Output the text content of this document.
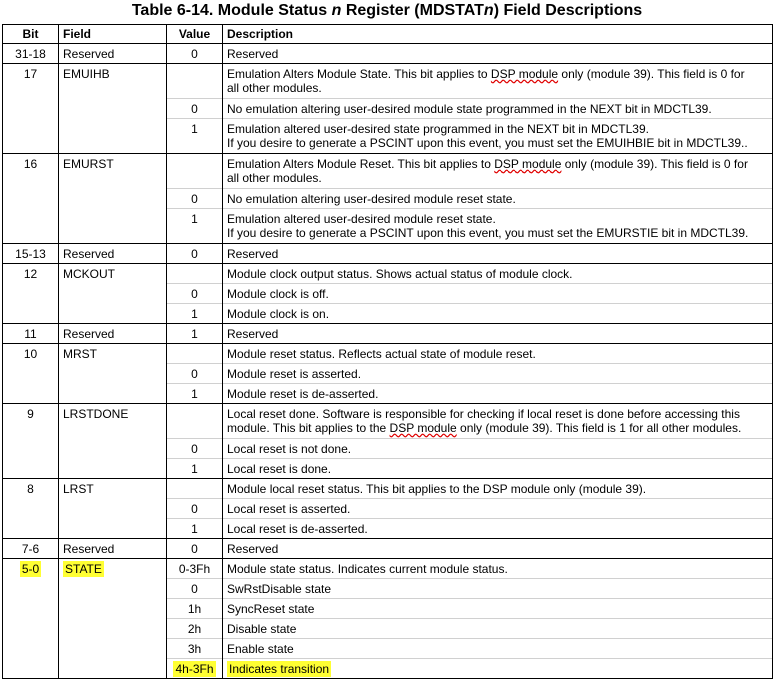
Table 6-14. Module Status n Register (MDSTATn) Field Descriptions
Bit	Field	Value	Description
31-18	Reserved	0	Reserved
17	EMUIHB		Emulation Alters Module State. This bit applies to DSP module only (module 39). This field is 0 for
all other modules.
		0	No emulation altering user-desired module state programmed in the NEXT bit in MDCTL39.
		1	Emulation altered user-desired state programmed in the NEXT bit in MDCTL39.
If you desire to generate a PSCINT upon this event, you must set the EMUIHBIE bit in MDCTL39..
16	EMURST		Emulation Alters Module Reset. This bit applies to DSP module only (module 39). This field is 0 for
all other modules.
		0	No emulation altering user-desired module reset state.
		1	Emulation altered user-desired module reset state.
If you desire to generate a PSCINT upon this event, you must set the EMURSTIE bit in MDCTL39.
15-13	Reserved	0	Reserved
12	MCKOUT		Module clock output status. Shows actual status of module clock.
		0	Module clock is off.
		1	Module clock is on.
11	Reserved	1	Reserved
10	MRST		Module reset status. Reflects actual state of module reset.
		0	Module reset is asserted.
		1	Module reset is de-asserted.
9	LRSTDONE		Local reset done. Software is responsible for checking if local reset is done before accessing this
module. This bit applies to the DSP module only (module 39). This field is 1 for all other modules.
		0	Local reset is not done.
		1	Local reset is done.
8	LRST		Module local reset status. This bit applies to the DSP module only (module 39).
		0	Local reset is asserted.
		1	Local reset is de-asserted.
7-6	Reserved	0	Reserved
5-0	STATE	0-3Fh	Module state status. Indicates current module status.
		0	SwRstDisable state
		1h	SyncReset state
		2h	Disable state
		3h	Enable state
		4h-3Fh	Indicates transition
